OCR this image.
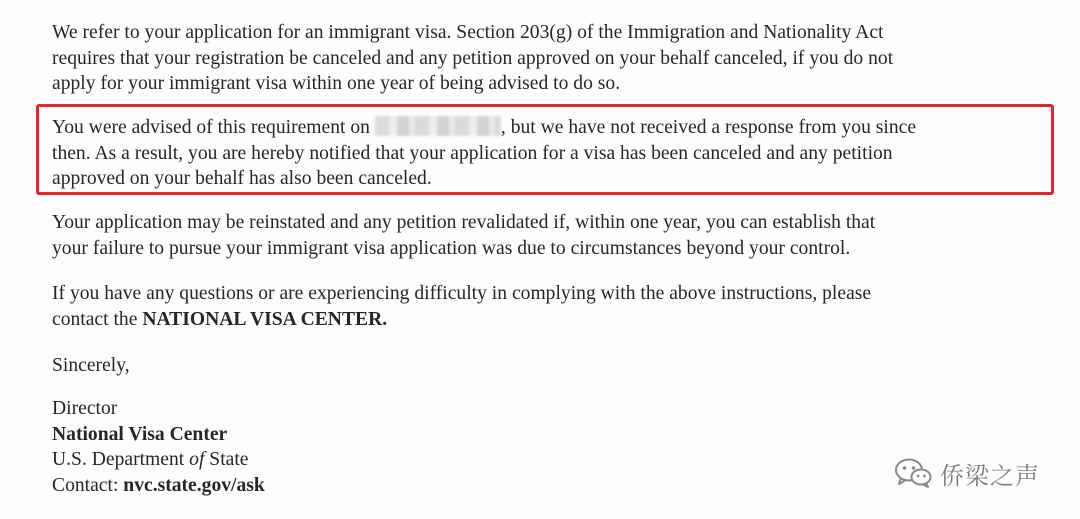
We refer to your application for an immigrant visa. Section 203(g) of the Immigration and Nationality Act
requires that your registration be canceled and any petition approved on your behalf canceled, if you do not
apply for your immigrant visa within one year of being advised to do so.
You were advised of this requirement on	, but we have not received a response from you since
then. As a result, you are hereby notified that your application for a visa has been canceled and any petition
approved on your behalf has also been canceled.
Your application may be reinstated and any petition revalidated if, within one year, you can establish that
your failure to pursue your immigrant visa application was due to circumstances beyond your control.
If you have any questions or are experiencing difficulty in complying with the above instructions, please
contact the NATIONAL VISA CENTER.
Sincerely,
Director
National Visa Center
U.S. Department of State
Contact: nvc.state.gov/ask	侨梁之声
